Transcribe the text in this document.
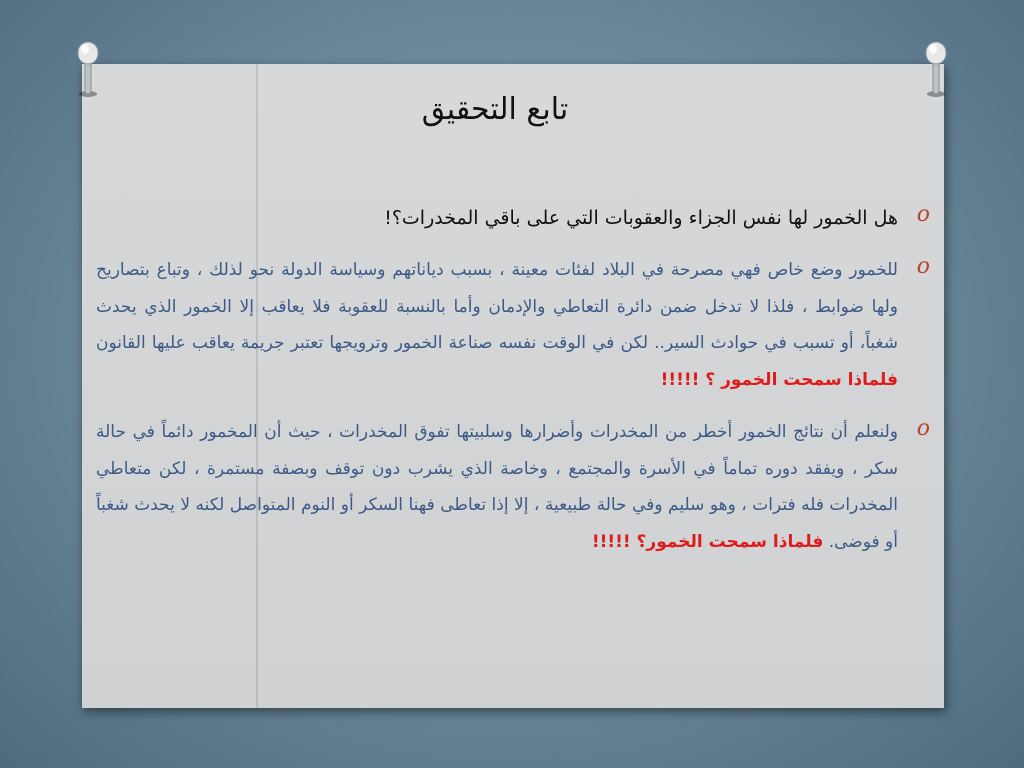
تابع التحقيق
o
هل الخمور لها نفس الجزاء والعقوبات التي على باقي المخدرات؟!
o
للخمور وضع خاص فهي مصرحة في البلاد لفئات معينة ، بسبب دياناتهم وسياسة الدولة نحو لذلك ، وتباع بتصاريح ولها ضوابط ، فلذا لا تدخل ضمن دائرة التعاطي والإدمان وأما بالنسبة للعقوبة فلا يعاقب إلا الخمور الذي يحدث شغباً، أو تسبب في حوادث السير.. لكن في الوقت نفسه صناعة الخمور وترويجها تعتبر جريمة يعاقب عليها القانون فلماذا سمحت الخمور ؟ !!!!!
o
ولنعلم أن نتائج الخمور أخطر من المخدرات وأضرارها وسلبيتها تفوق المخدرات ، حيث أن المخمور دائماً في حالة سكر ، ويفقد دوره تماماً في الأسرة والمجتمع ، وخاصة الذي يشرب دون توقف وبصفة مستمرة ، لكن متعاطي المخدرات فله فترات ، وهو سليم وفي حالة طبيعية ، إلا إذا تعاطى فهنا السكر أو النوم المتواصل لكنه لا يحدث شغباً أو فوضى. فلماذا سمحت الخمور؟ !!!!!
